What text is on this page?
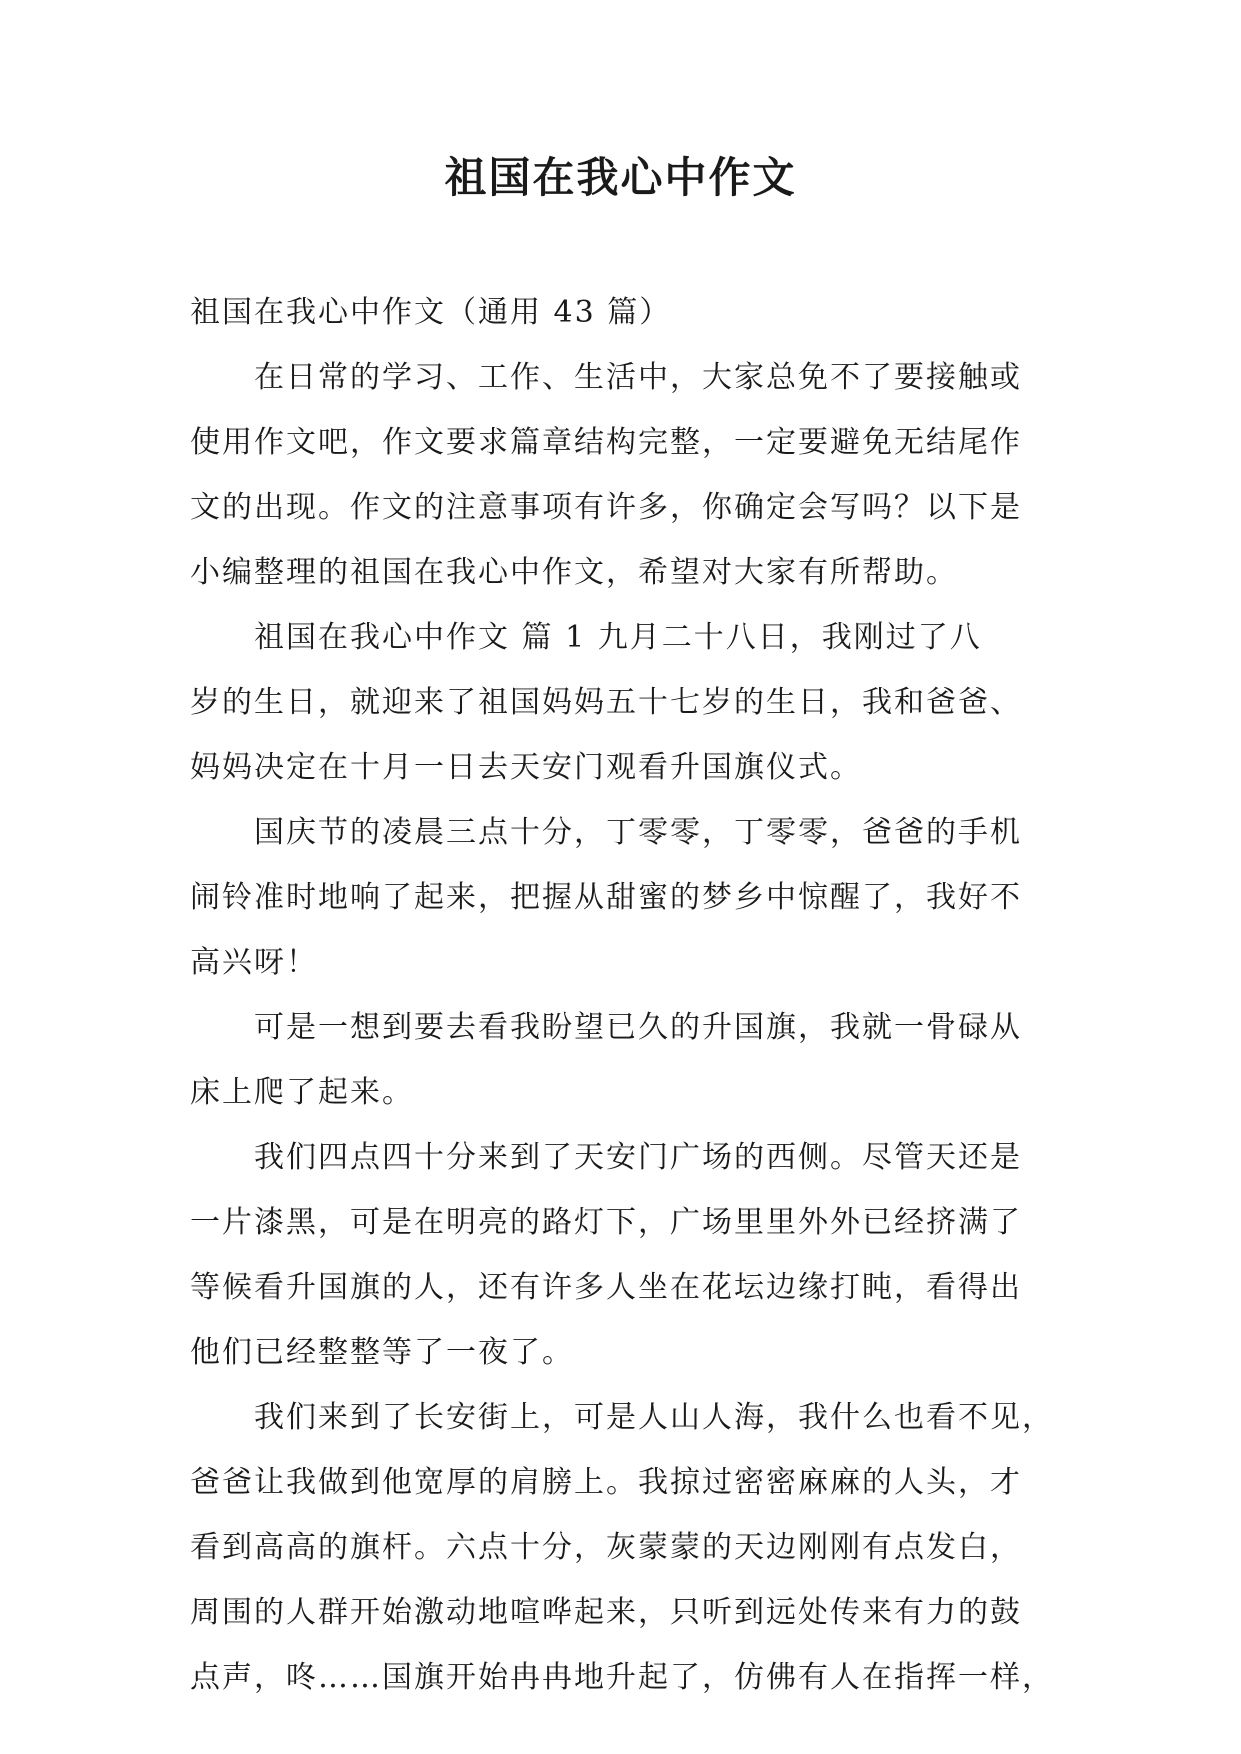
祖国在我心中作文
祖国在我心中作文（通用 43 篇）
在日常的学习、工作、生活中，大家总免不了要接触或
使用作文吧，作文要求篇章结构完整，一定要避免无结尾作
文的出现。作文的注意事项有许多，你确定会写吗？以下是
小编整理的祖国在我心中作文，希望对大家有所帮助。
祖国在我心中作文 篇 1 九月二十八日，我刚过了八
岁的生日，就迎来了祖国妈妈五十七岁的生日，我和爸爸、
妈妈决定在十月一日去天安门观看升国旗仪式。
国庆节的凌晨三点十分，丁零零，丁零零，爸爸的手机
闹铃准时地响了起来，把握从甜蜜的梦乡中惊醒了，我好不
高兴呀！
可是一想到要去看我盼望已久的升国旗，我就一骨碌从
床上爬了起来。
我们四点四十分来到了天安门广场的西侧。尽管天还是
一片漆黑，可是在明亮的路灯下，广场里里外外已经挤满了
等候看升国旗的人，还有许多人坐在花坛边缘打盹，看得出
他们已经整整等了一夜了。
我们来到了长安街上，可是人山人海，我什么也看不见，
爸爸让我做到他宽厚的肩膀上。我掠过密密麻麻的人头，才
看到高高的旗杆。六点十分，灰蒙蒙的天边刚刚有点发白，
周围的人群开始激动地喧哗起来，只听到远处传来有力的鼓
点声，咚……国旗开始冉冉地升起了，仿佛有人在指挥一样，
